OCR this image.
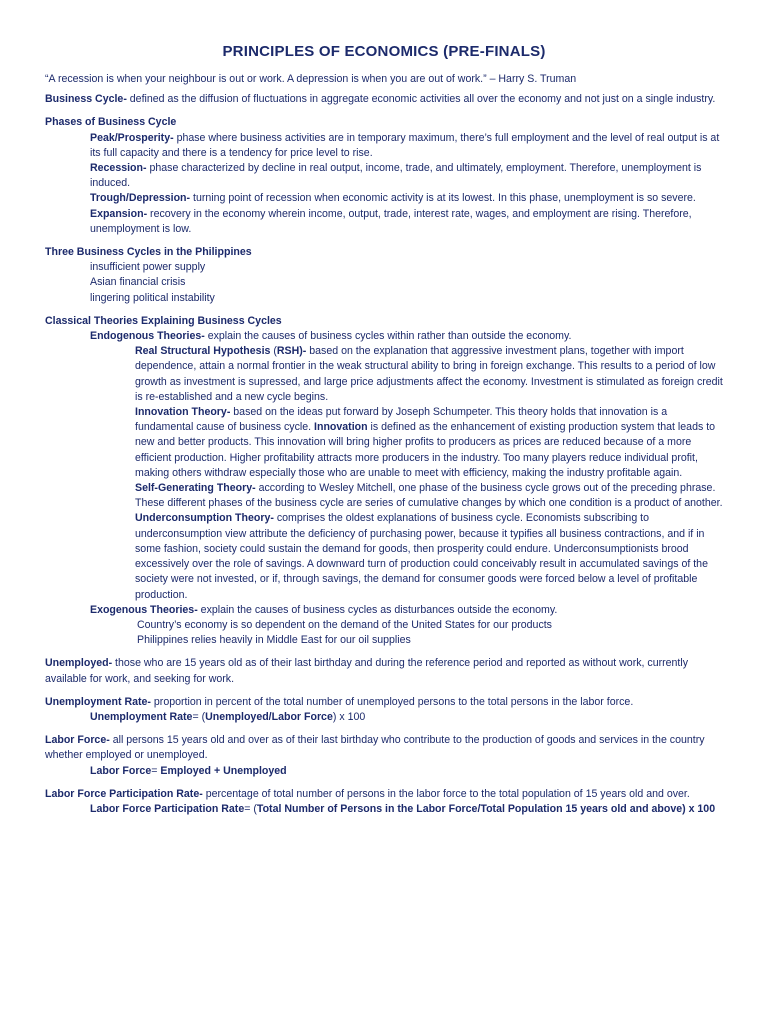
PRINCIPLES OF ECONOMICS (PRE-FINALS)

“A recession is when your neighbour is out or work. A depression is when you are out of work.” – Harry S. Truman

Business Cycle- defined as the diffusion of fluctuations in aggregate economic activities all over the economy and not just on a single industry.

Phases of Business Cycle

Peak/Prosperity- phase where business activities are in temporary maximum, there’s full employment and the level of real output is at its full capacity and there is a tendency for price level to rise.

Recession- phase characterized by decline in real output, income, trade, and ultimately, employment. Therefore, unemployment is induced.

Trough/Depression- turning point of recession when economic activity is at its lowest. In this phase, unemployment is so severe.

Expansion- recovery in the economy wherein income, output, trade, interest rate, wages, and employment are rising. Therefore, unemployment is low.

Three Business Cycles in the Philippines

insufficient power supply

Asian financial crisis

lingering political instability

Classical Theories Explaining Business Cycles

Endogenous Theories- explain the causes of business cycles within rather than outside the economy.

Real Structural Hypothesis (RSH)- based on the explanation that aggressive investment plans, together with import dependence, attain a normal frontier in the weak structural ability to bring in foreign exchange. This results to a period of low growth as investment is supressed, and large price adjustments affect the economy. Investment is stimulated as foreign credit is re-established and a new cycle begins.

Innovation Theory- based on the ideas put forward by Joseph Schumpeter. This theory holds that innovation is a fundamental cause of business cycle. Innovation is defined as the enhancement of existing production system that leads to new and better products. This innovation will bring higher profits to producers as prices are reduced because of a more efficient production. Higher profitability attracts more producers in the industry. Too many players reduce individual profit, making others withdraw especially those who are unable to meet with efficiency, making the industry profitable again.

Self-Generating Theory- according to Wesley Mitchell, one phase of the business cycle grows out of the preceding phrase. These different phases of the business cycle are series of cumulative changes by which one condition is a product of another.

Underconsumption Theory- comprises the oldest explanations of business cycle. Economists subscribing to underconsumption view attribute the deficiency of purchasing power, because it typifies all business contractions, and if in some fashion, society could sustain the demand for goods, then prosperity could endure. Underconsumptionists brood excessively over the role of savings. A downward turn of production could conceivably result in accumulated savings of the society were not invested, or if, through savings, the demand for consumer goods were forced below a level of profitable production.

Exogenous Theories- explain the causes of business cycles as disturbances outside the economy.

Country’s economy is so dependent on the demand of the United States for our products

Philippines relies heavily in Middle East for our oil supplies

Unemployed- those who are 15 years old as of their last birthday and during the reference period and reported as without work, currently available for work, and seeking for work.

Unemployment Rate- proportion in percent of the total number of unemployed persons to the total persons in the labor force.

Unemployment Rate= (Unemployed/Labor Force) x 100

Labor Force- all persons 15 years old and over as of their last birthday who contribute to the production of goods and services in the country whether employed or unemployed.

Labor Force= Employed + Unemployed

Labor Force Participation Rate- percentage of total number of persons in the labor force to the total population of 15 years old and over.

Labor Force Participation Rate= (Total Number of Persons in the Labor Force/Total Population 15 years old and above) x 100
